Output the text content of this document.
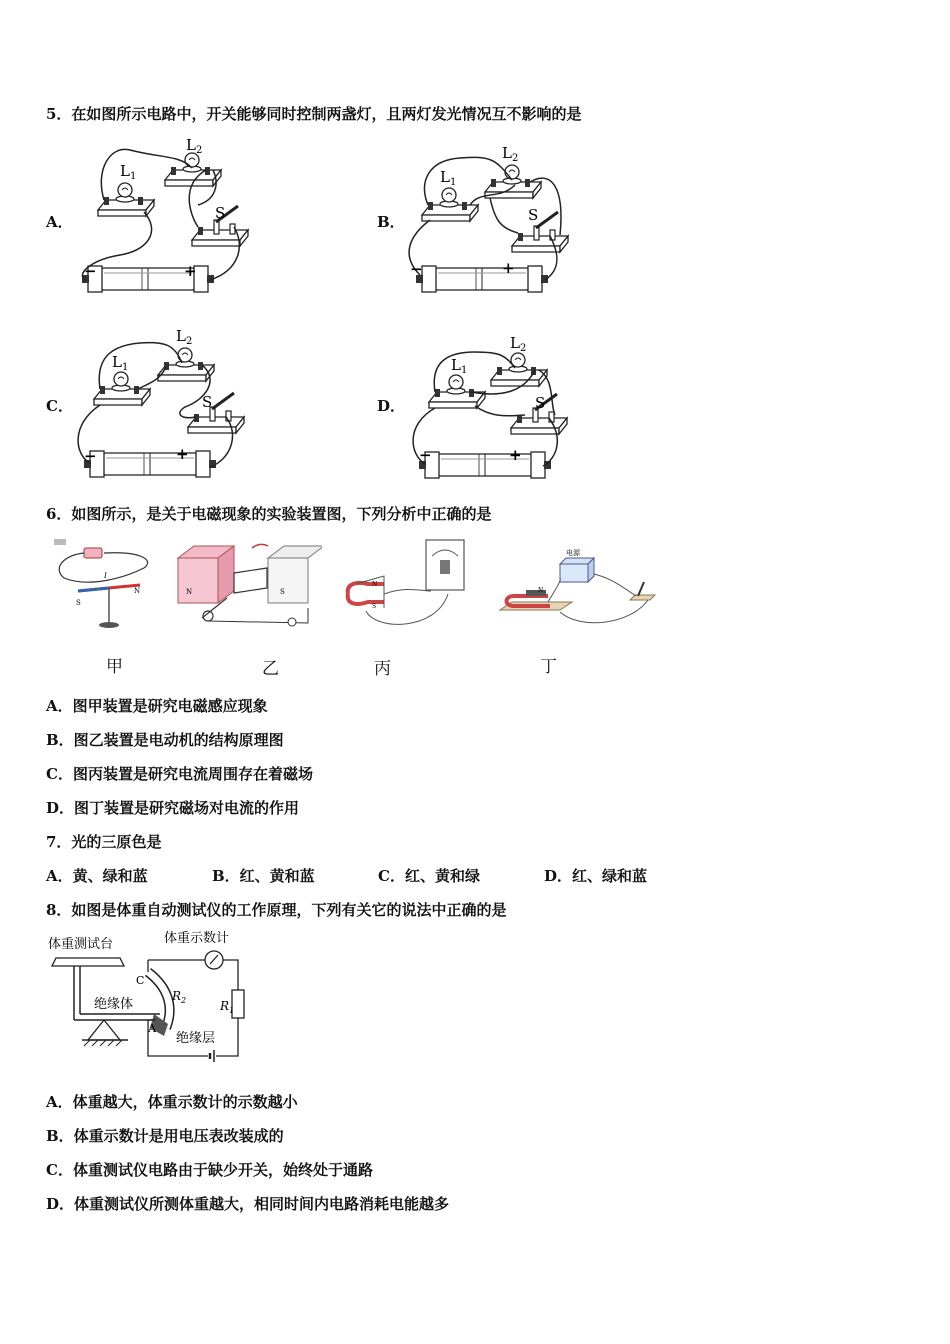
5．在如图所示电路中，开关能够同时控制两盏灯，且两灯发光情况互不影响的是
A．	B．
C．	D．
$L_1$
$L_2$
S
−	+
$L_1$
$L_2$
S
−	+
$L_1$
$L_2$
S
−	+
$L_1$
$L_2$
S
−	+
6．如图所示，是关于电磁现象的实验装置图，下列分析中正确的是
S
N
I
N	S
N
S
电源
N
甲	乙	丙	丁
A．图甲装置是研究电磁感应现象
B．图乙装置是电动机的结构原理图
C．图丙装置是研究电流周围存在着磁场
D．图丁装置是研究磁场对电流的作用
7．光的三原色是
A．黄、绿和蓝	B．红、黄和蓝	C．红、黄和绿	D．红、绿和蓝
8．如图是体重自动测试仪的工作原理，下列有关它的说法中正确的是
体重测试台	体重示数计
绝缘体
C
A
$R_2$	$R_1$
绝缘层
A．体重越大，体重示数计的示数越小
B．体重示数计是用电压表改装成的
C．体重测试仪电路由于缺少开关，始终处于通路
D．体重测试仪所测体重越大，相同时间内电路消耗电能越多
